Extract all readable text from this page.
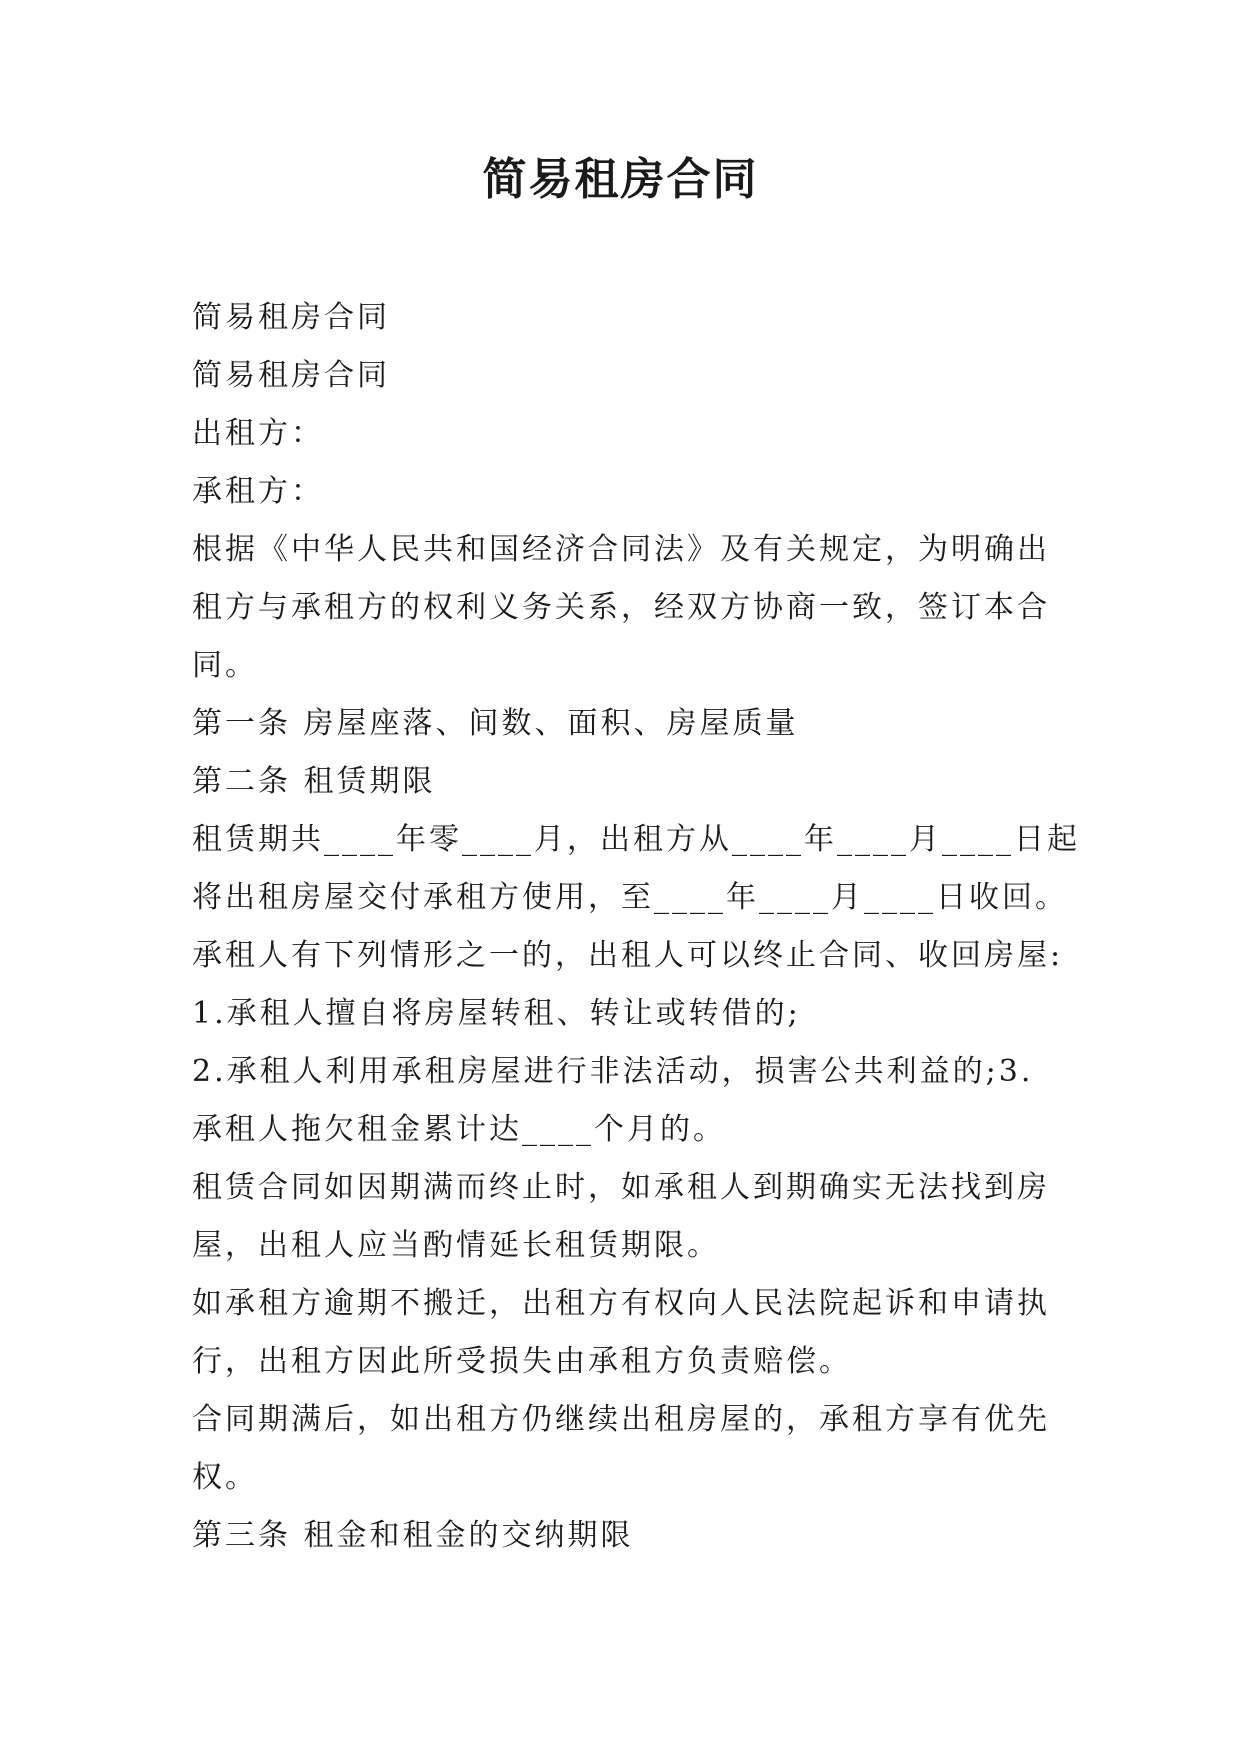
简易租房合同
简易租房合同
简易租房合同
出租方：
承租方：
根据《中华人民共和国经济合同法》及有关规定，为明确出
租方与承租方的权利义务关系，经双方协商一致，签订本合
同。
第一条 房屋座落、间数、面积、房屋质量
第二条 租赁期限
租赁期共____年零____月，出租方从____年____月____日起
将出租房屋交付承租方使用，至____年____月____日收回。
承租人有下列情形之一的，出租人可以终止合同、收回房屋:
1.承租人擅自将房屋转租、转让或转借的;
2.承租人利用承租房屋进行非法活动，损害公共利益的;3.
承租人拖欠租金累计达____个月的。
租赁合同如因期满而终止时，如承租人到期确实无法找到房
屋，出租人应当酌情延长租赁期限。
如承租方逾期不搬迁，出租方有权向人民法院起诉和申请执
行，出租方因此所受损失由承租方负责赔偿。
合同期满后，如出租方仍继续出租房屋的，承租方享有优先
权。
第三条 租金和租金的交纳期限
